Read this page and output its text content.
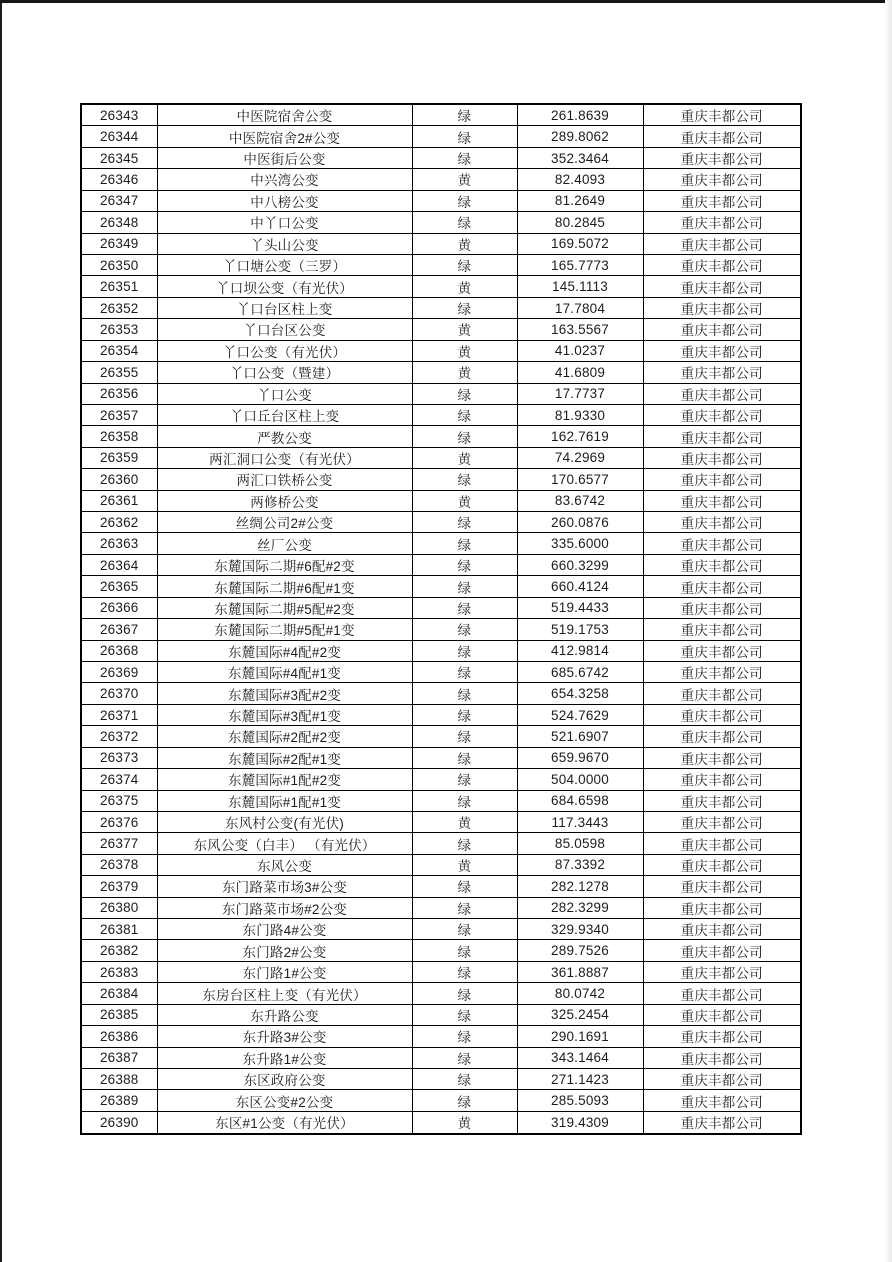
26343	中医院宿舍公变	绿	261.8639	重庆丰都公司
26344	中医院宿舍2#公变	绿	289.8062	重庆丰都公司
26345	中医街后公变	绿	352.3464	重庆丰都公司
26346	中兴湾公变	黄	82.4093	重庆丰都公司
26347	中八榜公变	绿	81.2649	重庆丰都公司
26348	中丫口公变	绿	80.2845	重庆丰都公司
26349	丫头山公变	黄	169.5072	重庆丰都公司
26350	丫口塘公变（三罗）	绿	165.7773	重庆丰都公司
26351	丫口坝公变（有光伏）	黄	145.1113	重庆丰都公司
26352	丫口台区柱上变	绿	17.7804	重庆丰都公司
26353	丫口台区公变	黄	163.5567	重庆丰都公司
26354	丫口公变（有光伏）	黄	41.0237	重庆丰都公司
26355	丫口公变（暨建）	黄	41.6809	重庆丰都公司
26356	丫口公变	绿	17.7737	重庆丰都公司
26357	丫口丘台区柱上变	绿	81.9330	重庆丰都公司
26358	严教公变	绿	162.7619	重庆丰都公司
26359	两汇洞口公变（有光伏）	黄	74.2969	重庆丰都公司
26360	两汇口铁桥公变	绿	170.6577	重庆丰都公司
26361	两修桥公变	黄	83.6742	重庆丰都公司
26362	丝绸公司2#公变	绿	260.0876	重庆丰都公司
26363	丝厂公变	绿	335.6000	重庆丰都公司
26364	东麓国际二期#6配#2变	绿	660.3299	重庆丰都公司
26365	东麓国际二期#6配#1变	绿	660.4124	重庆丰都公司
26366	东麓国际二期#5配#2变	绿	519.4433	重庆丰都公司
26367	东麓国际二期#5配#1变	绿	519.1753	重庆丰都公司
26368	东麓国际#4配#2变	绿	412.9814	重庆丰都公司
26369	东麓国际#4配#1变	绿	685.6742	重庆丰都公司
26370	东麓国际#3配#2变	绿	654.3258	重庆丰都公司
26371	东麓国际#3配#1变	绿	524.7629	重庆丰都公司
26372	东麓国际#2配#2变	绿	521.6907	重庆丰都公司
26373	东麓国际#2配#1变	绿	659.9670	重庆丰都公司
26374	东麓国际#1配#2变	绿	504.0000	重庆丰都公司
26375	东麓国际#1配#1变	绿	684.6598	重庆丰都公司
26376	东风村公变(有光伏)	黄	117.3443	重庆丰都公司
26377	东风公变（白丰） （有光伏）	绿	85.0598	重庆丰都公司
26378	东风公变	黄	87.3392	重庆丰都公司
26379	东门路菜市场3#公变	绿	282.1278	重庆丰都公司
26380	东门路菜市场#2公变	绿	282.3299	重庆丰都公司
26381	东门路4#公变	绿	329.9340	重庆丰都公司
26382	东门路2#公变	绿	289.7526	重庆丰都公司
26383	东门路1#公变	绿	361.8887	重庆丰都公司
26384	东房台区柱上变（有光伏）	绿	80.0742	重庆丰都公司
26385	东升路公变	绿	325.2454	重庆丰都公司
26386	东升路3#公变	绿	290.1691	重庆丰都公司
26387	东升路1#公变	绿	343.1464	重庆丰都公司
26388	东区政府公变	绿	271.1423	重庆丰都公司
26389	东区公变#2公变	绿	285.5093	重庆丰都公司
26390	东区#1公变（有光伏）	黄	319.4309	重庆丰都公司
